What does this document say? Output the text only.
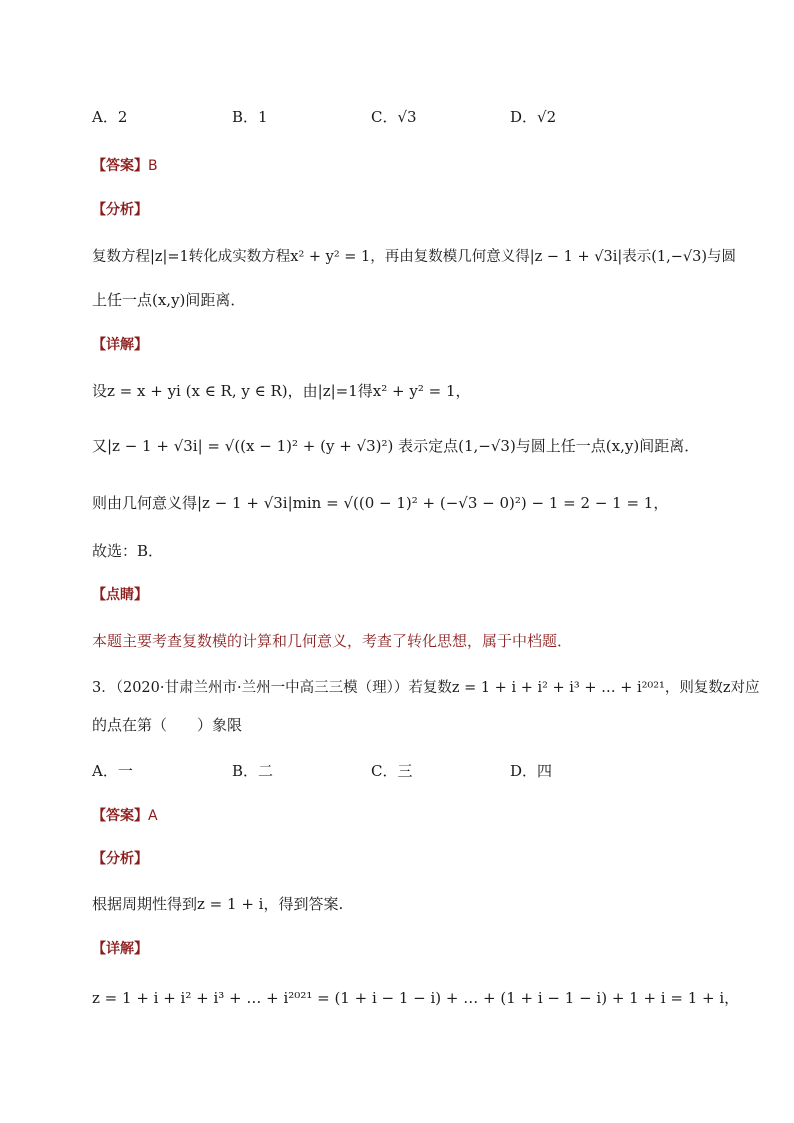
A．2	B．1	C．√3	D．√2
【答案】B
【分析】
复数方程|z|=1转化成实数方程x² + y² = 1，再由复数模几何意义得|z − 1 + √3i|表示(1,−√3)与圆
上任一点(x,y)间距离．
【详解】
设z = x + yi (x ∈ R, y ∈ R)，由|z|=1得x² + y² = 1，
又|z − 1 + √3i| = √((x − 1)² + (y + √3)²) 表示定点(1,−√3)与圆上任一点(x,y)间距离．
则由几何意义得|z − 1 + √3i|min = √((0 − 1)² + (−√3 − 0)²) − 1 = 2 − 1 = 1，
故选：B．
【点睛】
本题主要考查复数模的计算和几何意义，考查了转化思想，属于中档题．
3．（2020·甘肃兰州市·兰州一中高三三模（理））若复数z = 1 + i + i² + i³ + … + i²⁰²¹，则复数z对应
的点在第（　　）象限
A．一	B．二	C．三	D．四
【答案】A
【分析】
根据周期性得到z = 1 + i，得到答案.
【详解】
z = 1 + i + i² + i³ + … + i²⁰²¹ = (1 + i − 1 − i) + … + (1 + i − 1 − i) + 1 + i = 1 + i，
